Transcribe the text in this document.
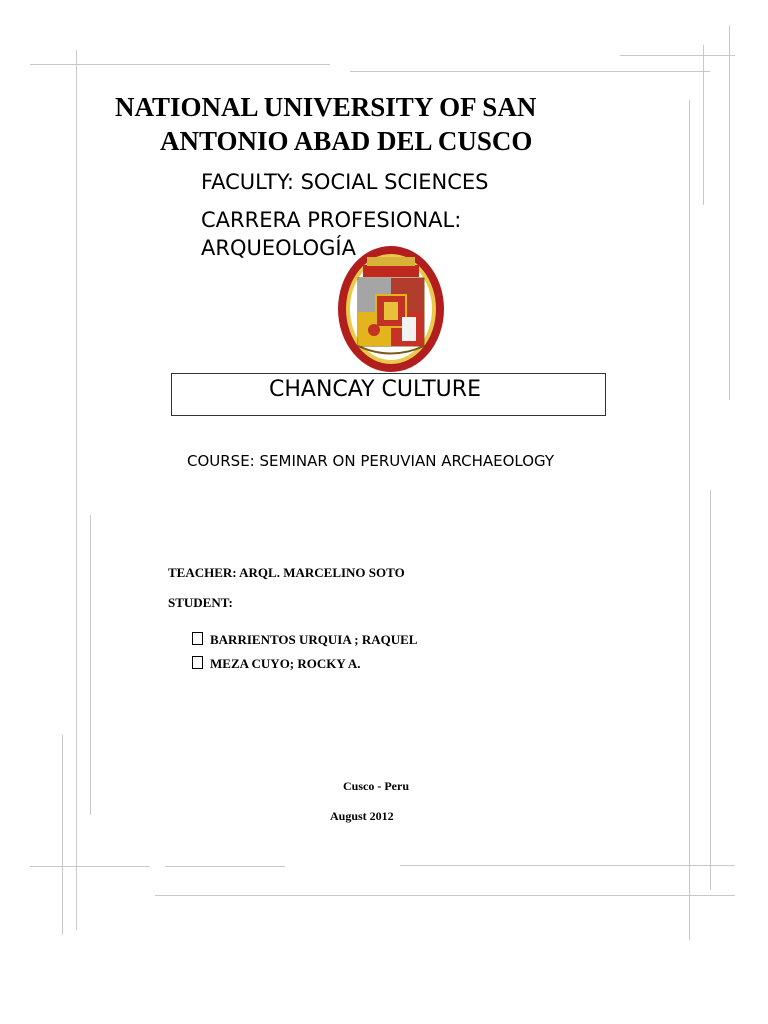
NATIONAL UNIVERSITY OF SAN
ANTONIO ABAD DEL CUSCO
FACULTY: SOCIAL SCIENCES
CARRERA PROFESIONAL:
ARQUEOLOGÍA
CHANCAY CULTURE
COURSE: SEMINAR ON PERUVIAN ARCHAEOLOGY
TEACHER: ARQL. MARCELINO SOTO
STUDENT:
BARRIENTOS URQUIA ; RAQUEL
MEZA CUYO; ROCKY A.
Cusco - Peru
August 2012
